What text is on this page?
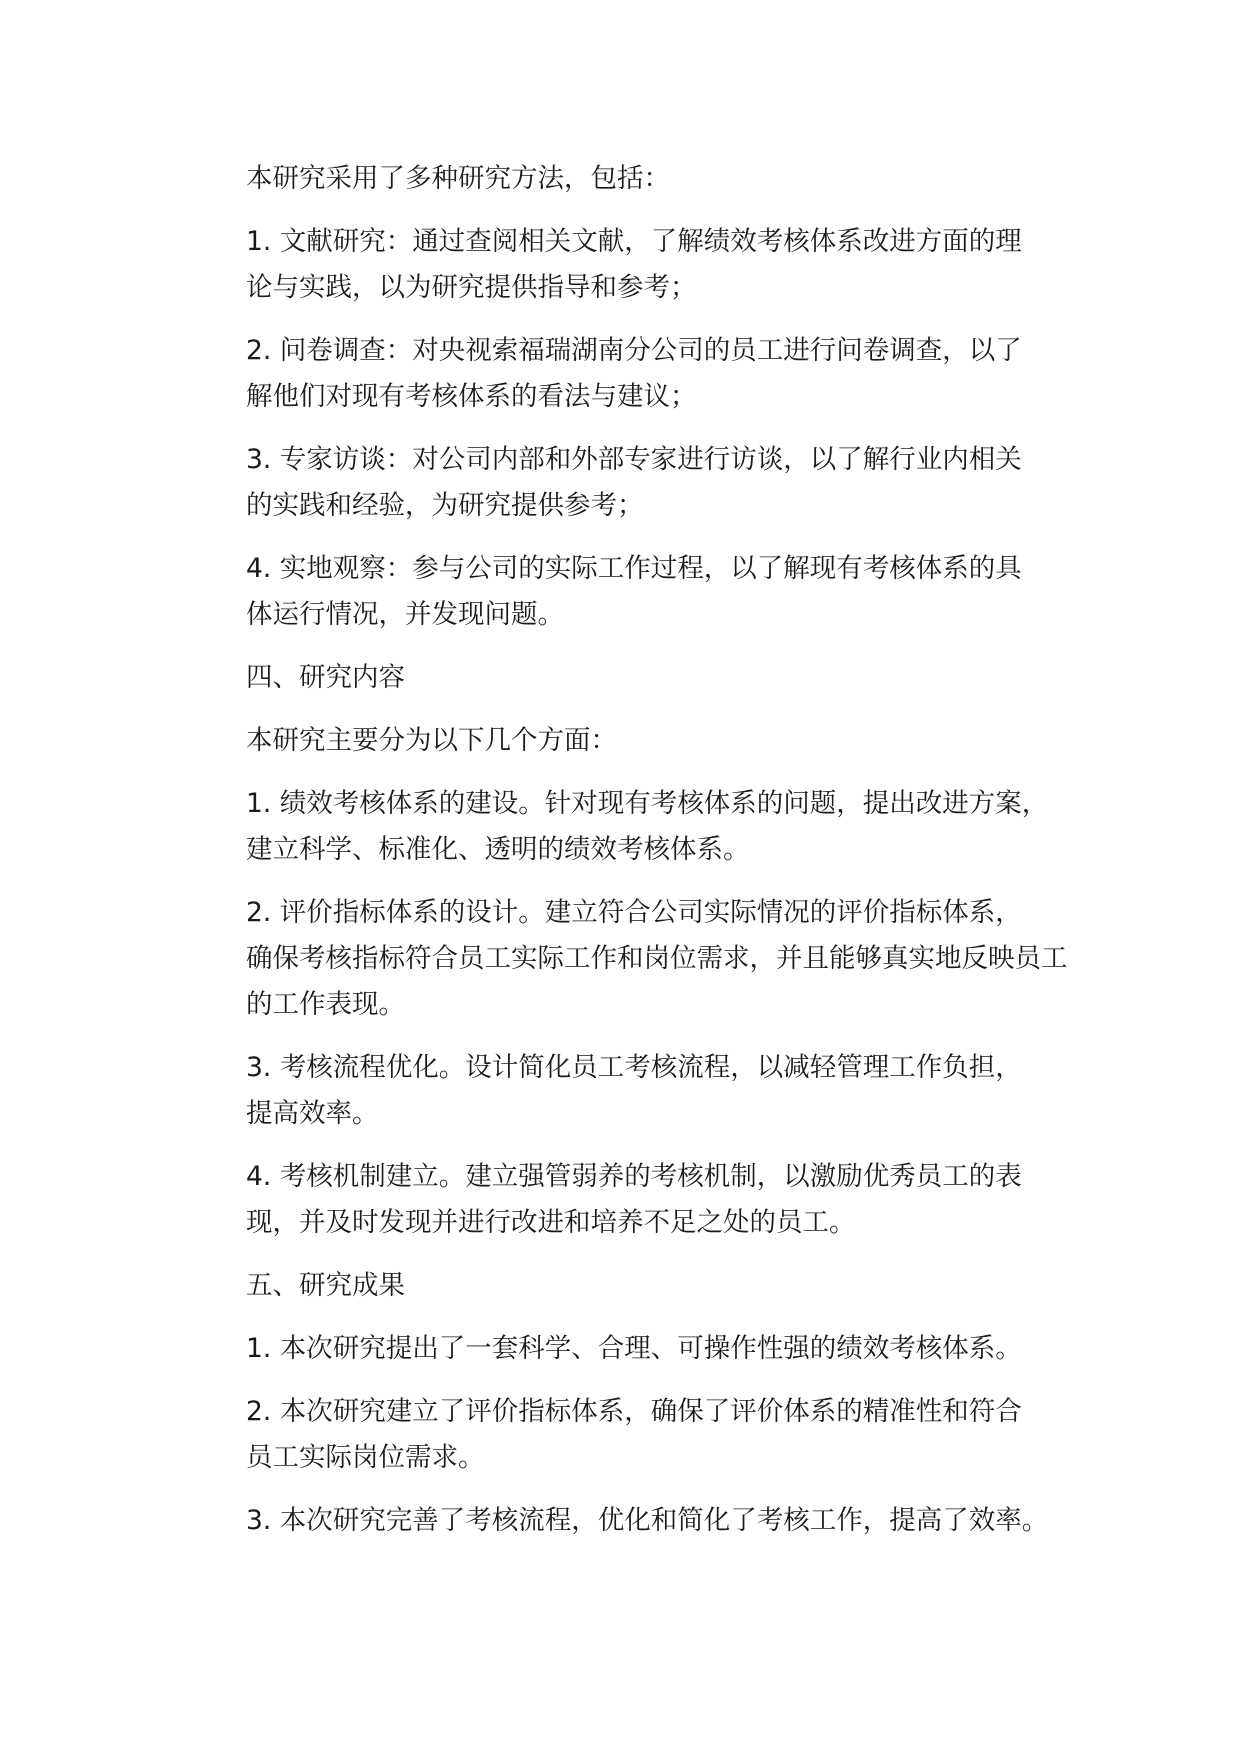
本研究采用了多种研究方法，包括：

1. 文献研究：通过查阅相关文献，了解绩效考核体系改进方面的理
论与实践，以为研究提供指导和参考；

2. 问卷调查：对央视索福瑞湖南分公司的员工进行问卷调查，以了
解他们对现有考核体系的看法与建议；

3. 专家访谈：对公司内部和外部专家进行访谈，以了解行业内相关
的实践和经验，为研究提供参考；

4. 实地观察：参与公司的实际工作过程，以了解现有考核体系的具
体运行情况，并发现问题。

四、研究内容

本研究主要分为以下几个方面：

1. 绩效考核体系的建设。针对现有考核体系的问题，提出改进方案，
建立科学、标准化、透明的绩效考核体系。

2. 评价指标体系的设计。建立符合公司实际情况的评价指标体系，
确保考核指标符合员工实际工作和岗位需求，并且能够真实地反映员工
的工作表现。

3. 考核流程优化。设计简化员工考核流程，以减轻管理工作负担，
提高效率。

4. 考核机制建立。建立强管弱养的考核机制，以激励优秀员工的表
现，并及时发现并进行改进和培养不足之处的员工。

五、研究成果

1. 本次研究提出了一套科学、合理、可操作性强的绩效考核体系。

2. 本次研究建立了评价指标体系，确保了评价体系的精准性和符合
员工实际岗位需求。

3. 本次研究完善了考核流程，优化和简化了考核工作，提高了效率。
